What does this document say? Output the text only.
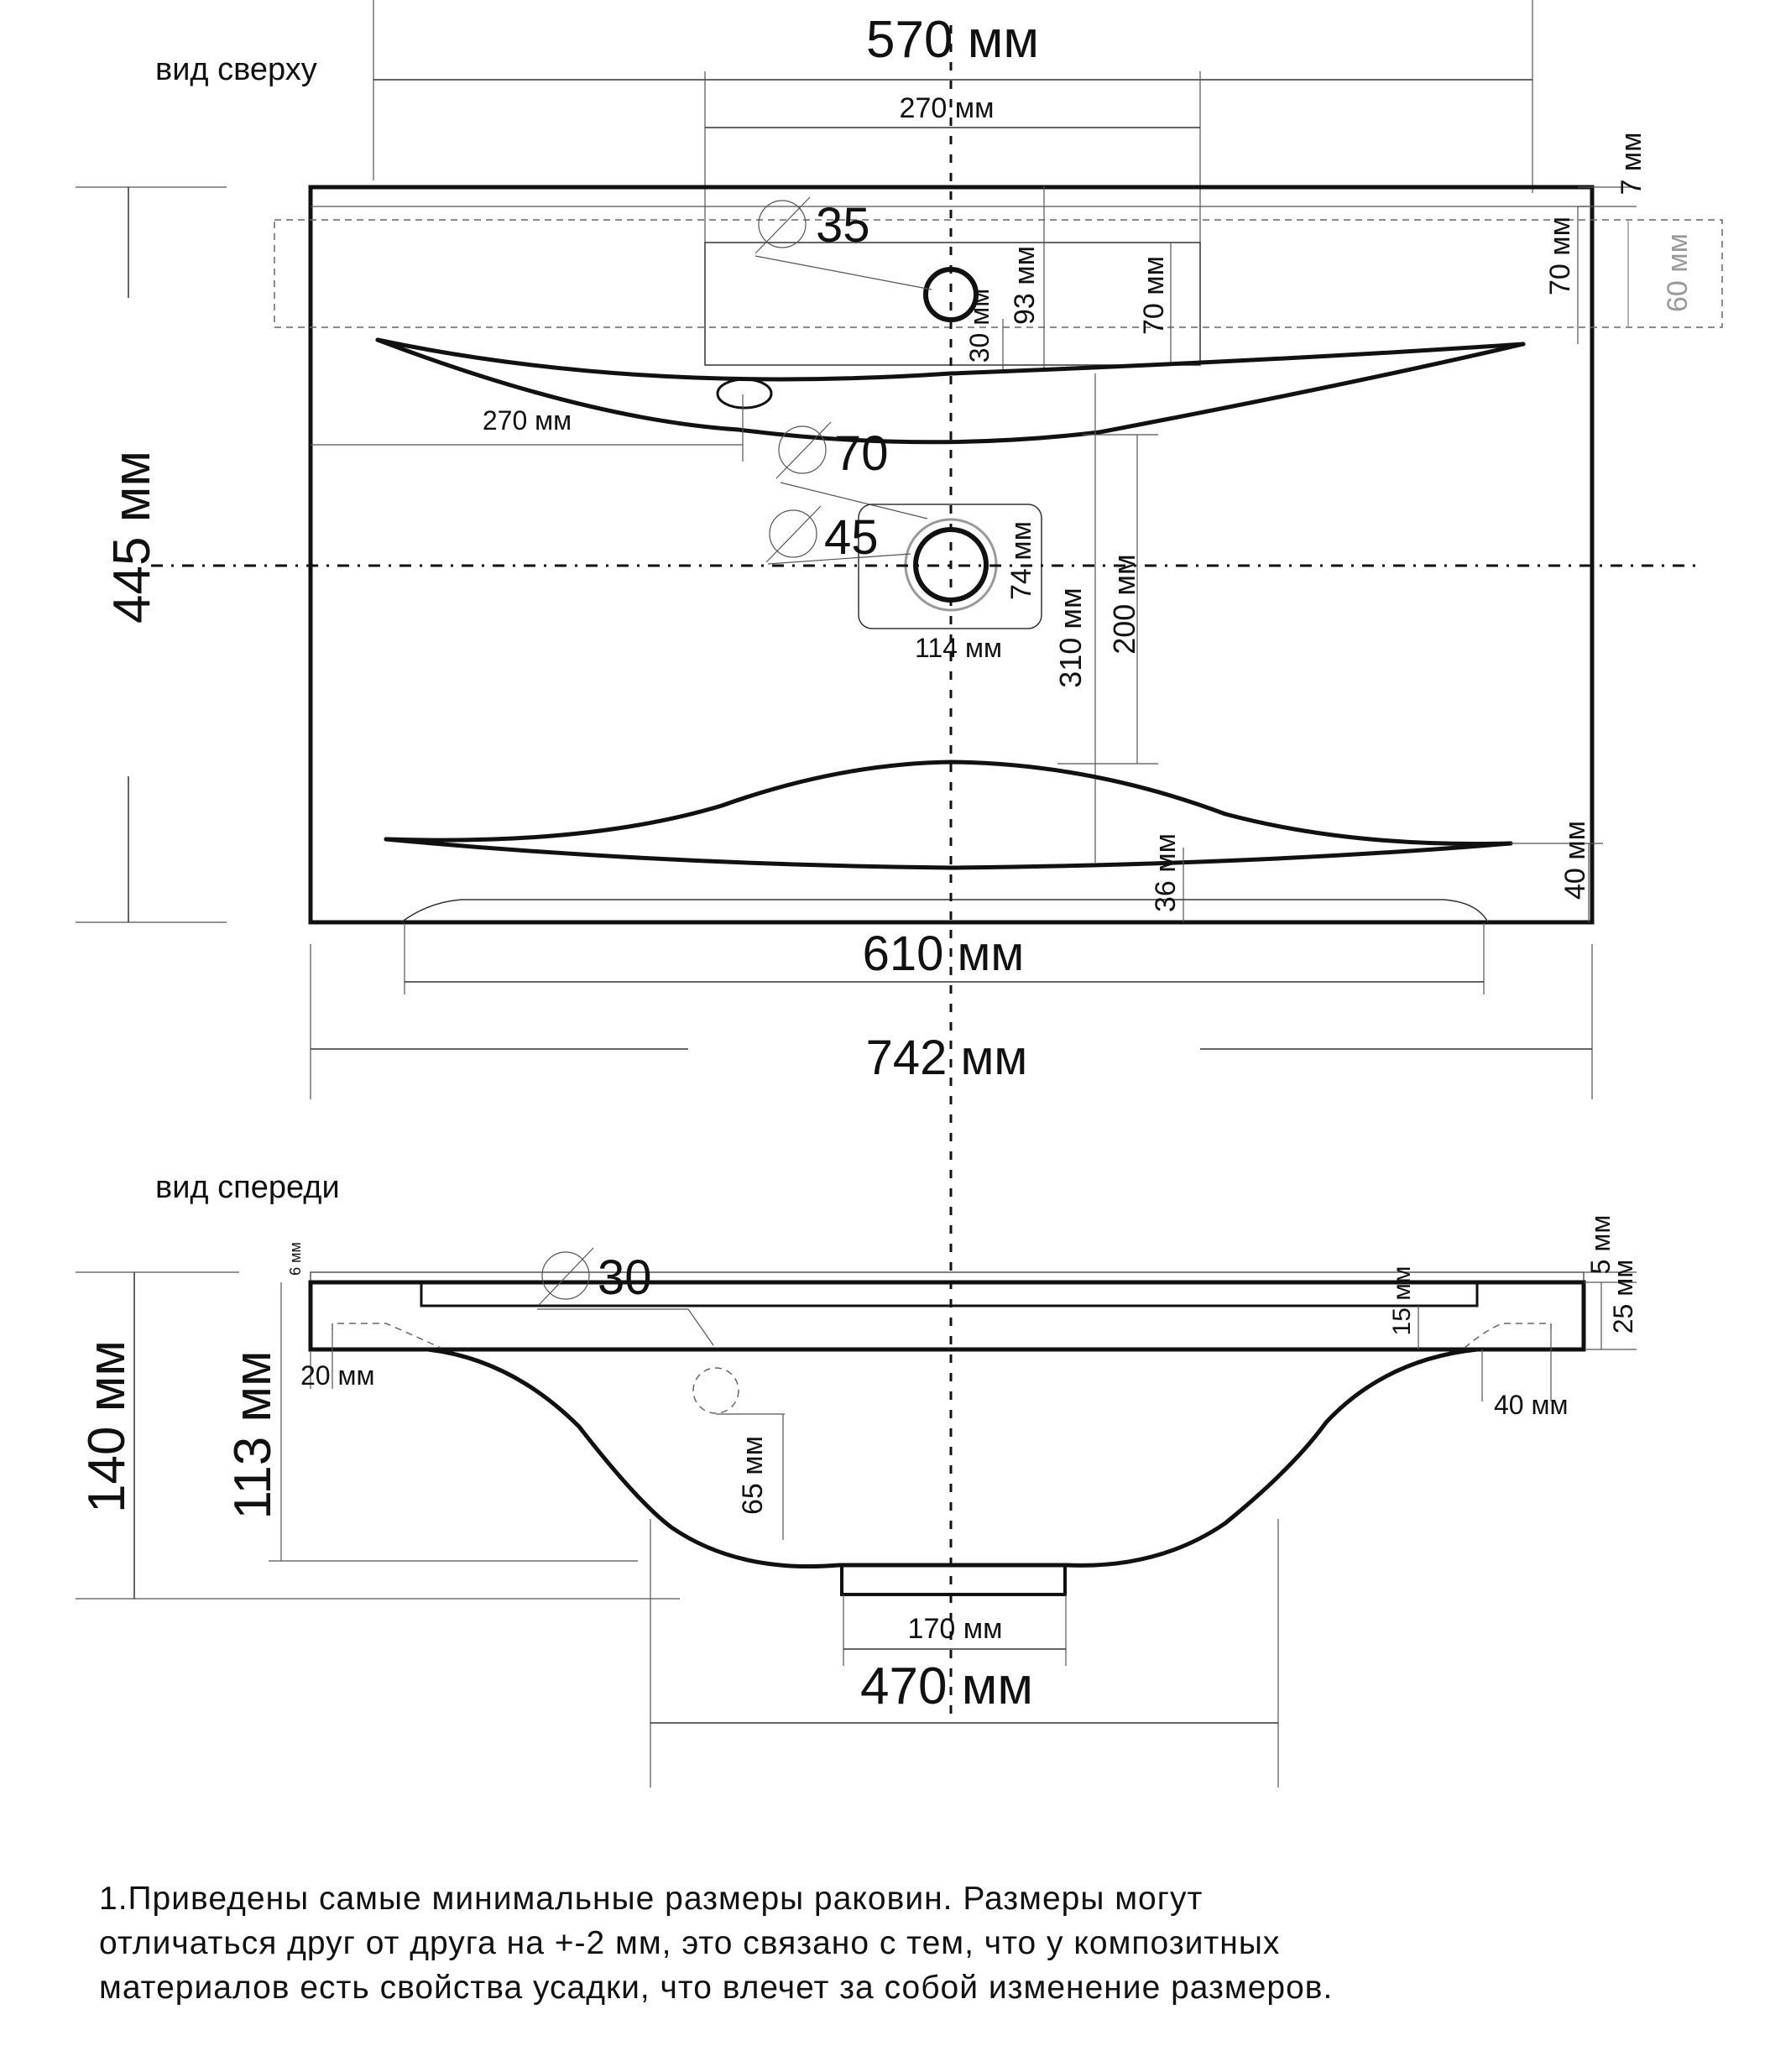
вид сверху
570 мм
270 мм
445 мм
35
93 мм
30 мм	70 мм
7 мм
70 мм	60 мм
270 мм
70
45	74 мм
114 мм	200 мм
310 мм
36 мм	40 мм
610 мм
742 мм
вид спереди
30
6 мм	5 мм
25 мм
15 мм
20 мм
40 мм
140 мм 113 мм	65 мм
170 мм
470 мм
1.Приведены самые минимальные размеры раковин. Размеры могут
отличаться друг от друга на +-2 мм, это связано с тем, что у композитных
материалов есть свойства усадки, что влечет за собой изменение размеров.
